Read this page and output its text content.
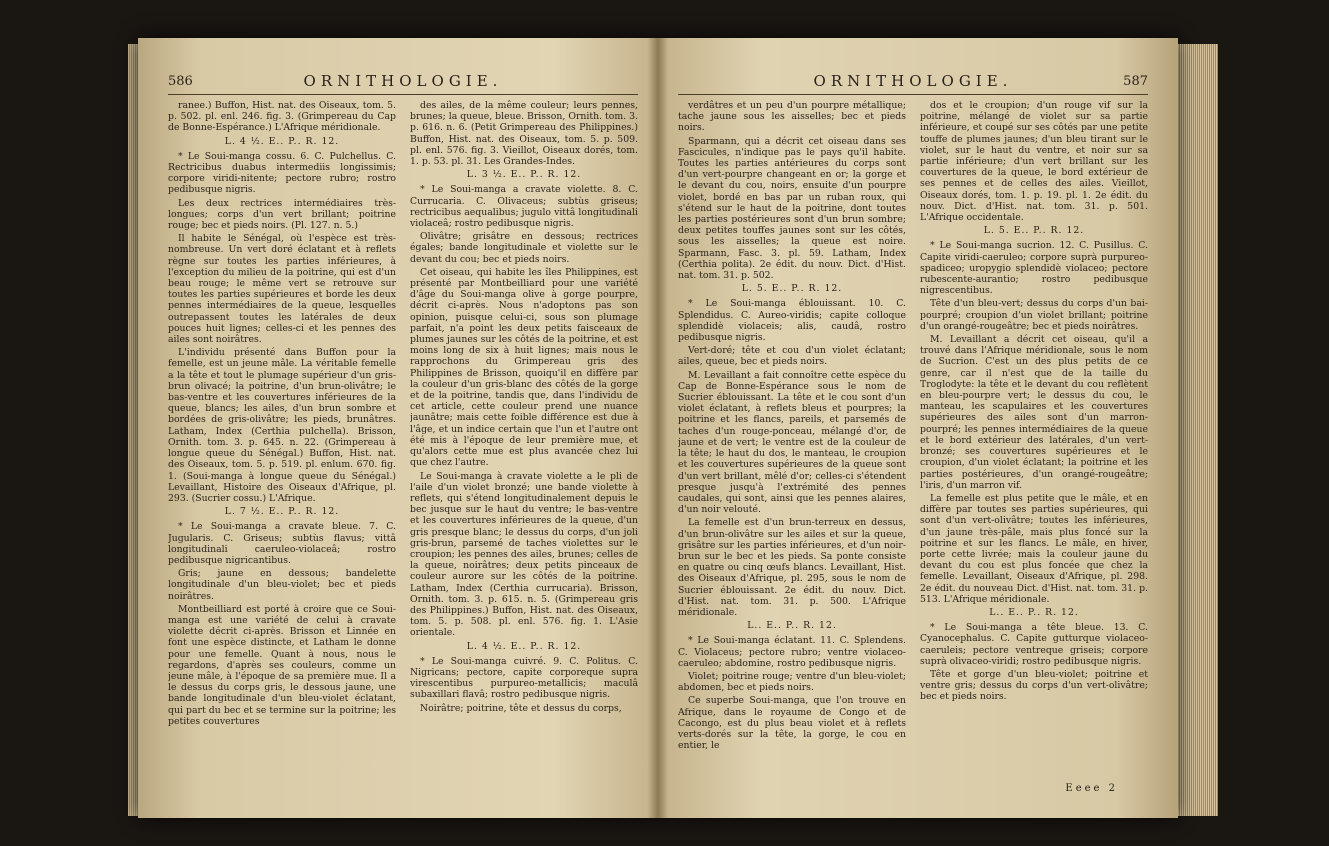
586	ORNITHOLOGIE.

ranee.) Buffon, Hist. nat. des Oiseaux, tom. 5. p. 502. pl. enl. 246. fig. 3. (Grimpereau du Cap de Bonne-Espérance.) L'Afrique méridionale.

L. 4 ½. E.. P.. R. 12.

* Le Soui-manga cossu. 6. C. Pulchellus. C. Rectricibus duabus intermediis longissimis; corpore viridi-nitente; pectore rubro; rostro pedibusque nigris.

Les deux rectrices intermédiaires très-longues; corps d'un vert brillant; poitrine rouge; bec et pieds noirs. (Pl. 127. n. 5.)

Il habite le Sénégal, où l'espèce est très-nombreuse. Un vert doré éclatant et à reflets règne sur toutes les parties inférieures, à l'exception du milieu de la poitrine, qui est d'un beau rouge; le même vert se retrouve sur toutes les parties supérieures et borde les deux pennes intermédiaires de la queue, lesquelles outrepassent toutes les latérales de deux pouces huit lignes; celles-ci et les pennes des ailes sont noirâtres.

L'individu présenté dans Buffon pour la femelle, est un jeune mâle. La véritable femelle a la tête et tout le plumage supérieur d'un gris-brun olivacé; la poitrine, d'un brun-olivâtre; le bas-ventre et les couvertures inférieures de la queue, blancs; les ailes, d'un brun sombre et bordées de gris-olivâtre; les pieds, brunâtres. Latham, Index (Certhia pulchella). Brisson, Ornith. tom. 3. p. 645. n. 22. (Grimpereau à longue queue du Sénégal.) Buffon, Hist. nat. des Oiseaux, tom. 5. p. 519. pl. enlum. 670. fig. 1. (Soui-manga à longue queue du Sénégal.) Levaillant, Histoire des Oiseaux d'Afrique, pl. 293. (Sucrier cossu.) L'Afrique.

L. 7 ½. E.. P.. R. 12.

* Le Soui-manga a cravate bleue. 7. C. Jugularis. C. Griseus; subtùs flavus; vittâ longitudinali caeruleo-violaceâ; rostro pedibusque nigricantibus.

Gris; jaune en dessous; bandelette longitudinale d'un bleu-violet; bec et pieds noirâtres.

Montbeilliard est porté à croire que ce Soui-manga est une variété de celui à cravate violette décrit ci-après. Brisson et Linnée en font une espèce distincte, et Latham le donne pour une femelle. Quant à nous, nous le regardons, d'après ses couleurs, comme un jeune mâle, à l'époque de sa première mue. Il a le dessus du corps gris, le dessous jaune, une bande longitudinale d'un bleu-violet éclatant, qui part du bec et se termine sur la poitrine; les petites couvertures

des ailes, de la même couleur; leurs pennes, brunes; la queue, bleue. Brisson, Ornith. tom. 3. p. 616. n. 6. (Petit Grimpereau des Philippines.) Buffon, Hist. nat. des Oiseaux, tom. 5. p. 509. pl. enl. 576. fig. 3. Vieillot, Oiseaux dorés, tom. 1. p. 53. pl. 31. Les Grandes-Indes.

L. 3 ½. E.. P.. R. 12.

* Le Soui-manga a cravate violette. 8. C. Currucaria. C. Olivaceus; subtùs griseus; rectricibus aequalibus; jugulo vittâ longitudinali violaceâ; rostro pedibusque nigris.

Olivâtre; grisâtre en dessous; rectrices égales; bande longitudinale et violette sur le devant du cou; bec et pieds noirs.

Cet oiseau, qui habite les îles Philippines, est présenté par Montbeilliard pour une variété d'âge du Soui-manga olive à gorge pourpre, décrit ci-après. Nous n'adoptons pas son opinion, puisque celui-ci, sous son plumage parfait, n'a point les deux petits faisceaux de plumes jaunes sur les côtés de la poitrine, et est moins long de six à huit lignes; mais nous le rapprochons du Grimpereau gris des Philippines de Brisson, quoiqu'il en diffère par la couleur d'un gris-blanc des côtés de la gorge et de la poitrine, tandis que, dans l'individu de cet article, cette couleur prend une nuance jaunâtre; mais cette foible différence est due à l'âge, et un indice certain que l'un et l'autre ont été mis à l'époque de leur première mue, et qu'alors cette mue est plus avancée chez lui que chez l'autre.

Le Soui-manga à cravate violette a le pli de l'aile d'un violet bronzé; une bande violette à reflets, qui s'étend longitudinalement depuis le bec jusque sur le haut du ventre; le bas-ventre et les couvertures inférieures de la queue, d'un gris presque blanc; le dessus du corps, d'un joli gris-brun, parsemé de taches violettes sur le croupion; les pennes des ailes, brunes; celles de la queue, noirâtres; deux petits pinceaux de couleur aurore sur les côtés de la poitrine. Latham, Index (Certhia currucaria). Brisson, Ornith. tom. 3. p. 615. n. 5. (Grimpereau gris des Philippines.) Buffon, Hist. nat. des Oiseaux, tom. 5. p. 508. pl. enl. 576. fig. 1. L'Asie orientale.

L. 4 ½. E.. P.. R. 12.

* Le Soui-manga cuivré. 9. C. Politus. C. Nigricans; pectore, capite corporeque supra virescentibus purpureo-metallicis; maculâ subaxillari flavâ; rostro pedibusque nigris.

Noirâtre; poitrine, tête et dessus du corps,

ORNITHOLOGIE.	587

verdâtres et un peu d'un pourpre métallique; tache jaune sous les aisselles; bec et pieds noirs.

Sparmann, qui a décrit cet oiseau dans ses Fascicules, n'indique pas le pays qu'il habite. Toutes les parties antérieures du corps sont d'un vert-pourpre changeant en or; la gorge et le devant du cou, noirs, ensuite d'un pourpre violet, bordé en bas par un ruban roux, qui s'étend sur le haut de la poitrine, dont toutes les parties postérieures sont d'un brun sombre; deux petites touffes jaunes sont sur les côtés, sous les aisselles; la queue est noire. Sparmann, Fasc. 3. pl. 59. Latham, Index (Certhia polita). 2e édit. du nouv. Dict. d'Hist. nat. tom. 31. p. 502.

L. 5. E.. P.. R. 12.

* Le Soui-manga éblouissant. 10. C. Splendidus. C. Aureo-viridis; capite colloque splendidè violaceis; alis, caudâ, rostro pedibusque nigris.

Vert-doré; tête et cou d'un violet éclatant; ailes, queue, bec et pieds noirs.

M. Levaillant a fait connoître cette espèce du Cap de Bonne-Espérance sous le nom de Sucrier éblouissant. La tête et le cou sont d'un violet éclatant, à reflets bleus et pourpres; la poitrine et les flancs, pareils, et parsemés de taches d'un rouge-ponceau, mélangé d'or, de jaune et de vert; le ventre est de la couleur de la tête; le haut du dos, le manteau, le croupion et les couvertures supérieures de la queue sont d'un vert brillant, mêlé d'or; celles-ci s'étendent presque jusqu'à l'extrémité des pennes caudales, qui sont, ainsi que les pennes alaires, d'un noir velouté.

La femelle est d'un brun-terreux en dessus, d'un brun-olivâtre sur les ailes et sur la queue, grisâtre sur les parties inférieures, et d'un noir-brun sur le bec et les pieds. Sa ponte consiste en quatre ou cinq œufs blancs. Levaillant, Hist. des Oiseaux d'Afrique, pl. 295, sous le nom de Sucrier éblouissant. 2e édit. du nouv. Dict. d'Hist. nat. tom. 31. p. 500. L'Afrique méridionale.

L.. E.. P.. R. 12.

* Le Soui-manga éclatant. 11. C. Splendens. C. Violaceus; pectore rubro; ventre violaceo-caeruleo; abdomine, rostro pedibusque nigris.

Violet; poitrine rouge; ventre d'un bleu-violet; abdomen, bec et pieds noirs.

Ce superbe Soui-manga, que l'on trouve en Afrique, dans le royaume de Congo et de Cacongo, est du plus beau violet et à reflets verts-dorés sur la tête, la gorge, le cou en entier, le

dos et le croupion; d'un rouge vif sur la poitrine, mélangé de violet sur sa partie inférieure, et coupé sur ses côtés par une petite touffe de plumes jaunes; d'un bleu tirant sur le violet, sur le haut du ventre, et noir sur sa partie inférieure; d'un vert brillant sur les couvertures de la queue, le bord extérieur de ses pennes et de celles des ailes. Vieillot, Oiseaux dorés, tom. 1. p. 19. pl. 1. 2e édit. du nouv. Dict. d'Hist. nat. tom. 31. p. 501. L'Afrique occidentale.

L. 5. E.. P.. R. 12.

* Le Soui-manga sucrion. 12. C. Pusillus. C. Capite viridi-caeruleo; corpore suprà purpureo-spadiceo; uropygio splendidè violaceo; pectore rubescente-aurantio; rostro pedibusque nigrescentibus.

Tête d'un bleu-vert; dessus du corps d'un bai-pourpré; croupion d'un violet brillant; poitrine d'un orangé-rougeâtre; bec et pieds noirâtres.

M. Levaillant a décrit cet oiseau, qu'il a trouvé dans l'Afrique méridionale, sous le nom de Sucrion. C'est un des plus petits de ce genre, car il n'est que de la taille du Troglodyte: la tête et le devant du cou reflètent en bleu-pourpre vert; le dessus du cou, le manteau, les scapulaires et les couvertures supérieures des ailes sont d'un marron-pourpré; les pennes intermédiaires de la queue et le bord extérieur des latérales, d'un vert-bronzé; ses couvertures supérieures et le croupion, d'un violet éclatant; la poitrine et les parties postérieures, d'un orangé-rougeâtre; l'iris, d'un marron vif.

La femelle est plus petite que le mâle, et en diffère par toutes ses parties supérieures, qui sont d'un vert-olivâtre; toutes les inférieures, d'un jaune très-pâle, mais plus foncé sur la poitrine et sur les flancs. Le mâle, en hiver, porte cette livrée; mais la couleur jaune du devant du cou est plus foncée que chez la femelle. Levaillant, Oiseaux d'Afrique, pl. 298. 2e édit. du nouveau Dict. d'Hist. nat. tom. 31. p. 513. L'Afrique méridionale.

L.. E.. P.. R. 12.

* Le Soui-manga a tête bleue. 13. C. Cyanocephalus. C. Capite gutturque violaceo-caeruleis; pectore ventreque griseis; corpore suprà olivaceo-viridi; rostro pedibusque nigris.

Tête et gorge d'un bleu-violet; poitrine et ventre gris; dessus du corps d'un vert-olivâtre; bec et pieds noirs.

Eeee 2
